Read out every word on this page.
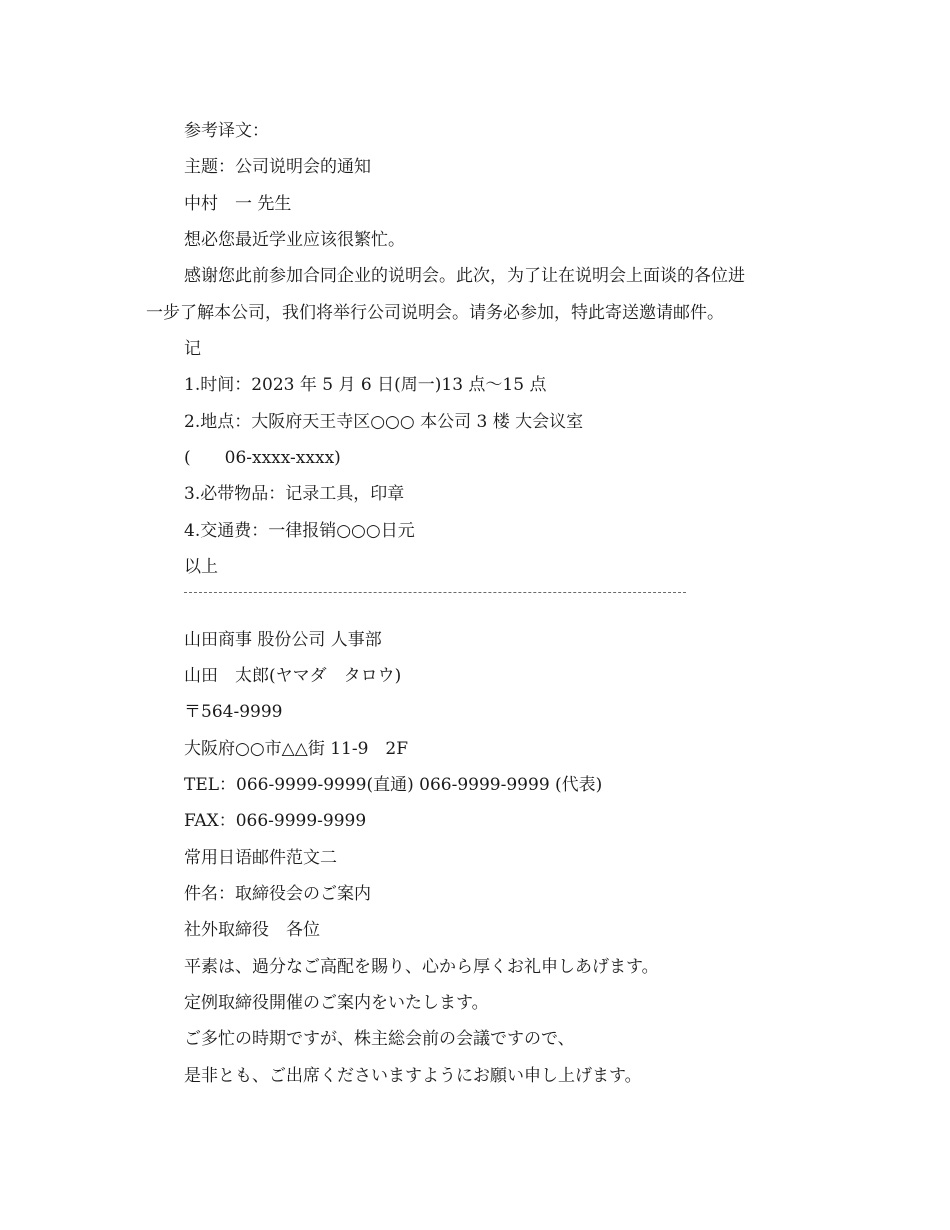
参考译文：
主题：公司说明会的通知
中村　一 先生
想必您最近学业应该很繁忙。
感谢您此前参加合同企业的说明会。此次，为了让在说明会上面谈的各位进
一步了解本公司，我们将举行公司说明会。请务必参加，特此寄送邀请邮件。
记
1.时间：2023 年 5 月 6 日(周一)13 点～15 点
2.地点：大阪府天王寺区○○○ 本公司 3 楼 大会议室
(　　06-xxxx-xxxx)
3.必带物品：记录工具，印章
4.交通费：一律报销○○○日元
以上
山田商事 股份公司 人事部
山田　太郎(ヤマダ　タロウ)
〒564-9999
大阪府○○市△△街 11-9　2F
TEL：066-9999-9999(直通) 066-9999-9999 (代表)
FAX：066-9999-9999
常用日语邮件范文二
件名：取締役会のご案内
社外取締役　各位
平素は、過分なご高配を賜り、心から厚くお礼申しあげます。
定例取締役開催のご案内をいたします。
ご多忙の時期ですが、株主総会前の会議ですので、
是非とも、ご出席くださいますようにお願い申し上げます。
